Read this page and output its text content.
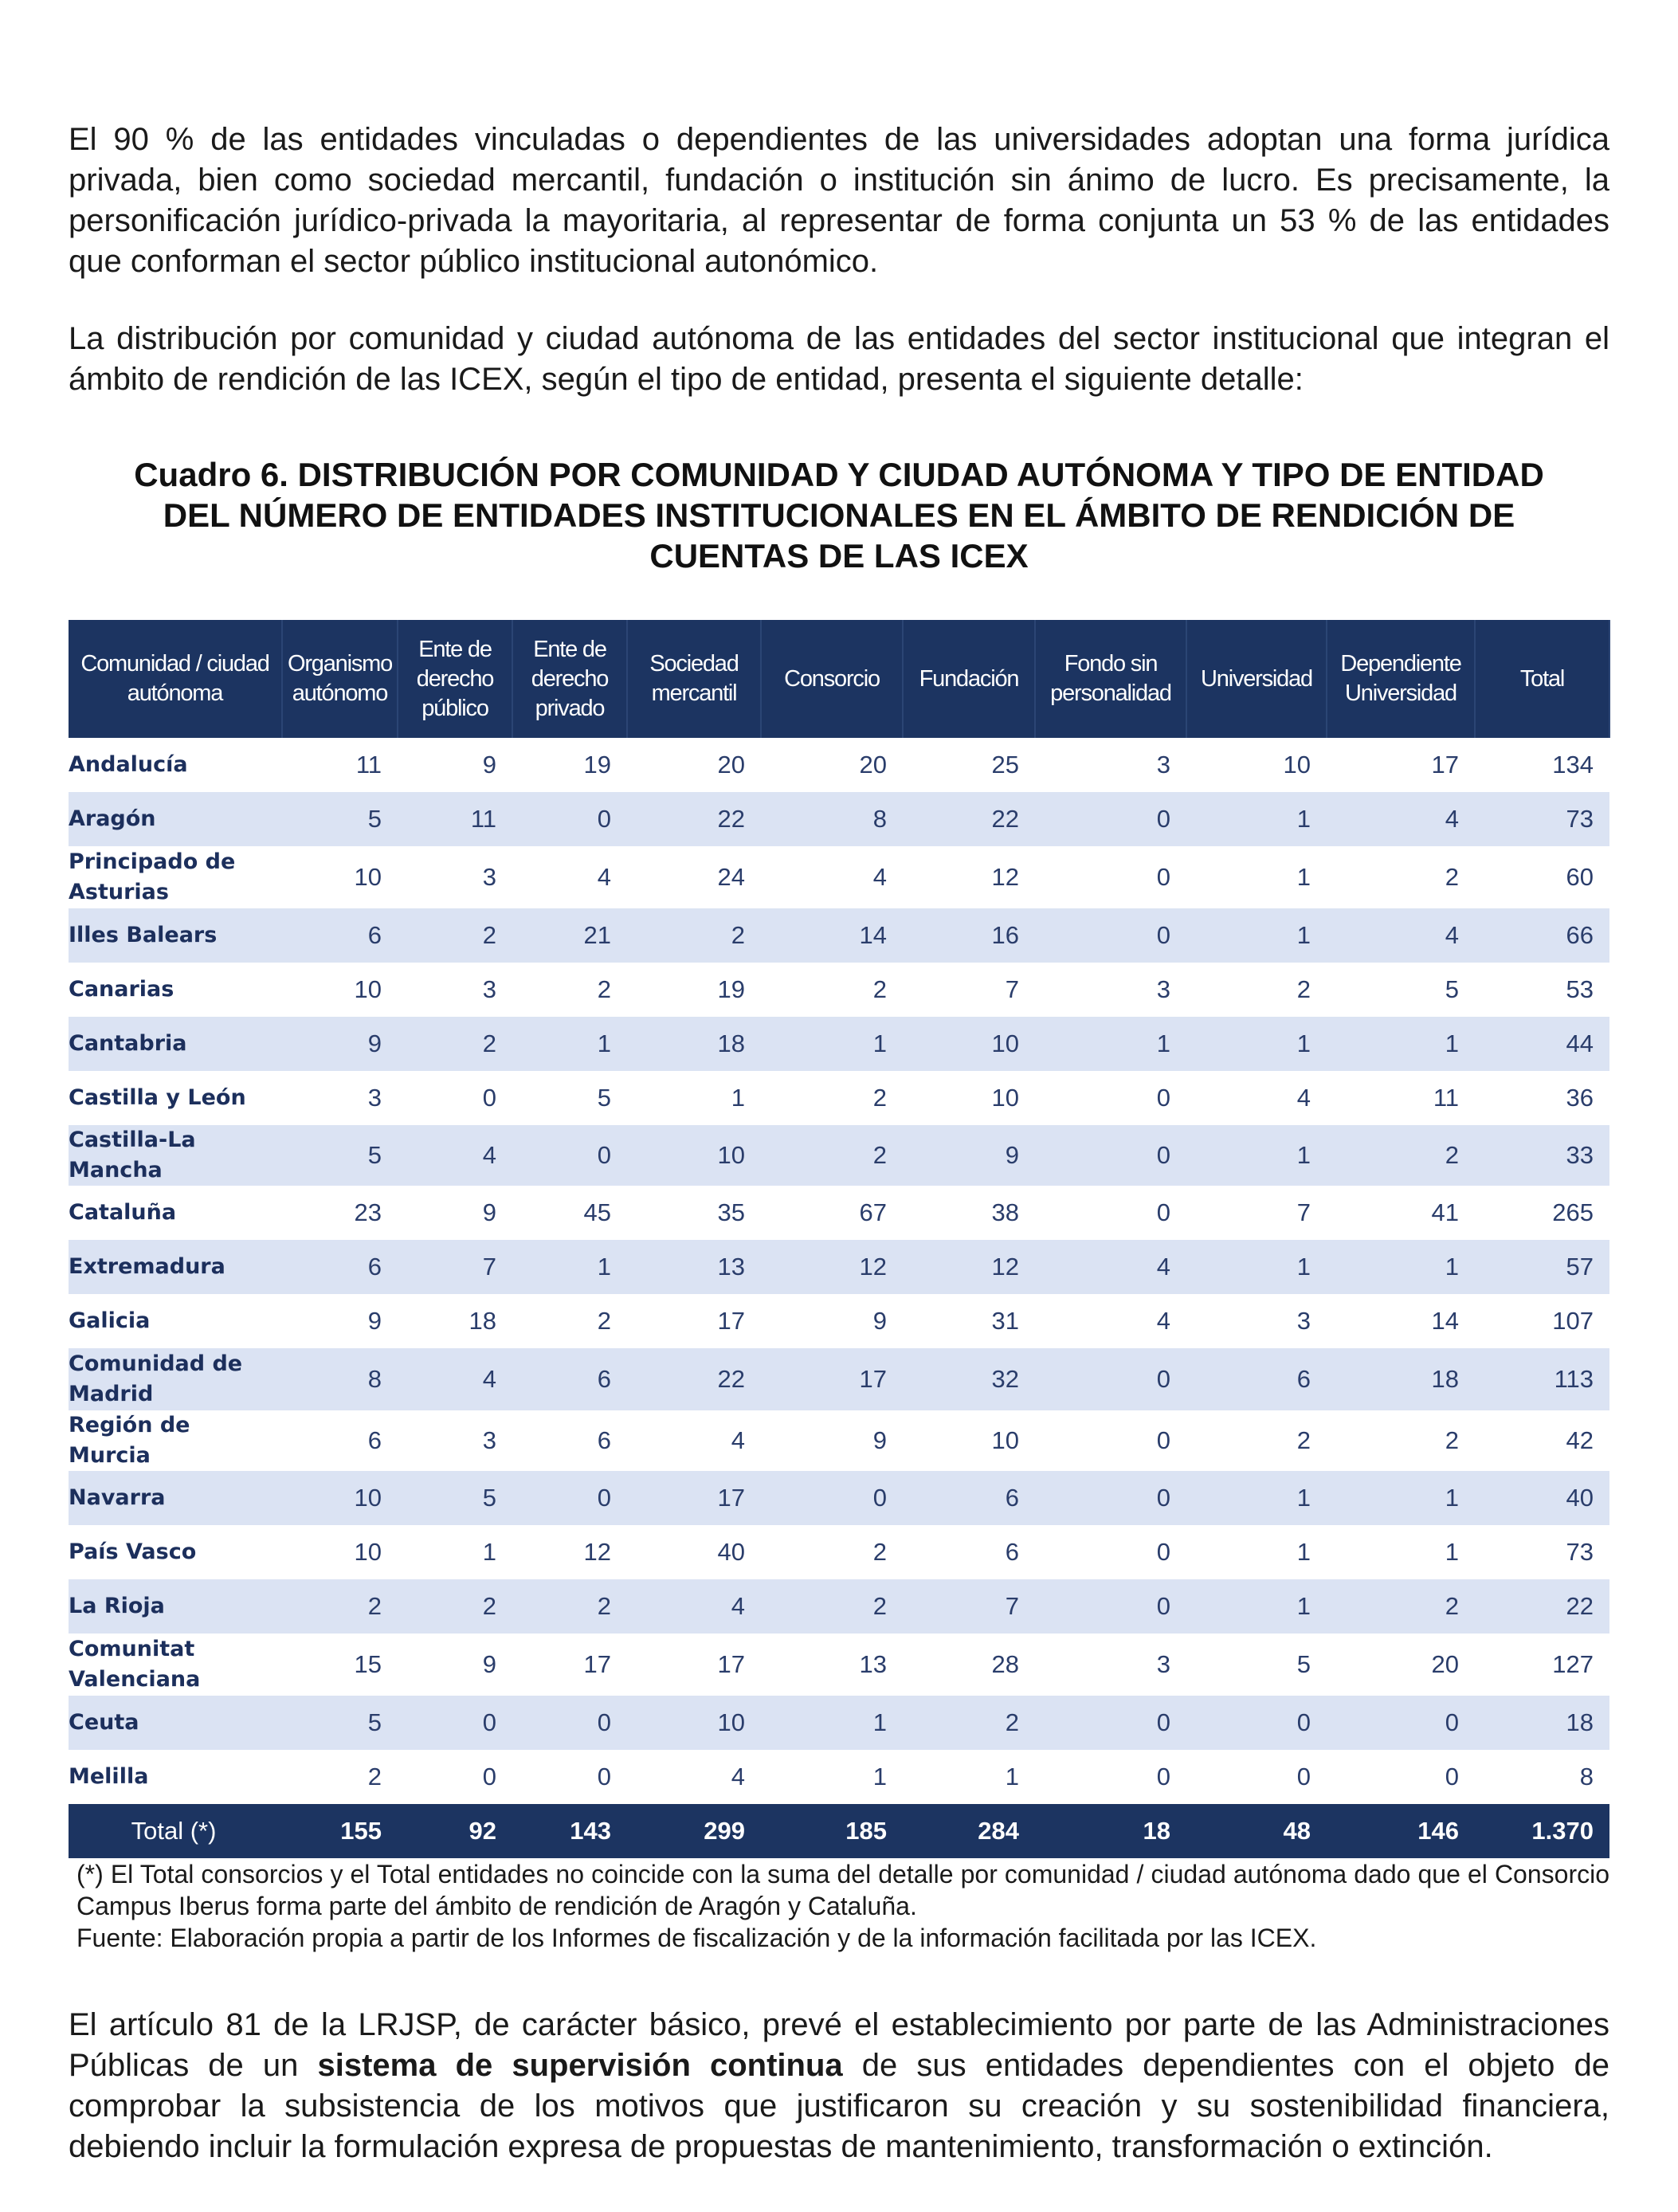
El 90 % de las entidades vinculadas o dependientes de las universidades adoptan una forma jurídica privada, bien como sociedad mercantil, fundación o institución sin ánimo de lucro. Es precisamente, la personificación jurídico-privada la mayoritaria, al representar de forma conjunta un 53 % de las entidades que conforman el sector público institucional autonómico.
La distribución por comunidad y ciudad autónoma de las entidades del sector institucional que integran el ámbito de rendición de las ICEX, según el tipo de entidad, presenta el siguiente detalle:
Cuadro 6. DISTRIBUCIÓN POR COMUNIDAD Y CIUDAD AUTÓNOMA Y TIPO DE ENTIDAD
DEL NÚMERO DE ENTIDADES INSTITUCIONALES EN EL ÁMBITO DE RENDICIÓN DE
CUENTAS DE LAS ICEX
Comunidad / ciudad autónoma	Organismo autónomo	Ente de derecho público	Ente de derecho privado	Sociedad mercantil	Consorcio	Fundación	Fondo sin personalidad	Universidad	Dependiente Universidad	Total
Andalucía	11	9	19	20	20	25	3	10	17	134
Aragón	5	11	0	22	8	22	0	1	4	73
Principado de Asturias	10	3	4	24	4	12	0	1	2	60
Illes Balears	6	2	21	2	14	16	0	1	4	66
Canarias	10	3	2	19	2	7	3	2	5	53
Cantabria	9	2	1	18	1	10	1	1	1	44
Castilla y León	3	0	5	1	2	10	0	4	11	36
Castilla-La Mancha	5	4	0	10	2	9	0	1	2	33
Cataluña	23	9	45	35	67	38	0	7	41	265
Extremadura	6	7	1	13	12	12	4	1	1	57
Galicia	9	18	2	17	9	31	4	3	14	107
Comunidad de Madrid	8	4	6	22	17	32	0	6	18	113
Región de Murcia	6	3	6	4	9	10	0	2	2	42
Navarra	10	5	0	17	0	6	0	1	1	40
País Vasco	10	1	12	40	2	6	0	1	1	73
La Rioja	2	2	2	4	2	7	0	1	2	22
Comunitat Valenciana	15	9	17	17	13	28	3	5	20	127
Ceuta	5	0	0	10	1	2	0	0	0	18
Melilla	2	0	0	4	1	1	0	0	0	8
Total (*)	155	92	143	299	185	284	18	48	146	1.370
(*) El Total consorcios y el Total entidades no coincide con la suma del detalle por comunidad / ciudad autónoma dado que el Consorcio Campus Iberus forma parte del ámbito de rendición de Aragón y Cataluña.
Fuente: Elaboración propia a partir de los Informes de fiscalización y de la información facilitada por las ICEX.
El artículo 81 de la LRJSP, de carácter básico, prevé el establecimiento por parte de las Administraciones Públicas de un sistema de supervisión continua de sus entidades dependientes con el objeto de comprobar la subsistencia de los motivos que justificaron su creación y su sostenibilidad financiera, debiendo incluir la formulación expresa de propuestas de mantenimiento, transformación o extinción.
